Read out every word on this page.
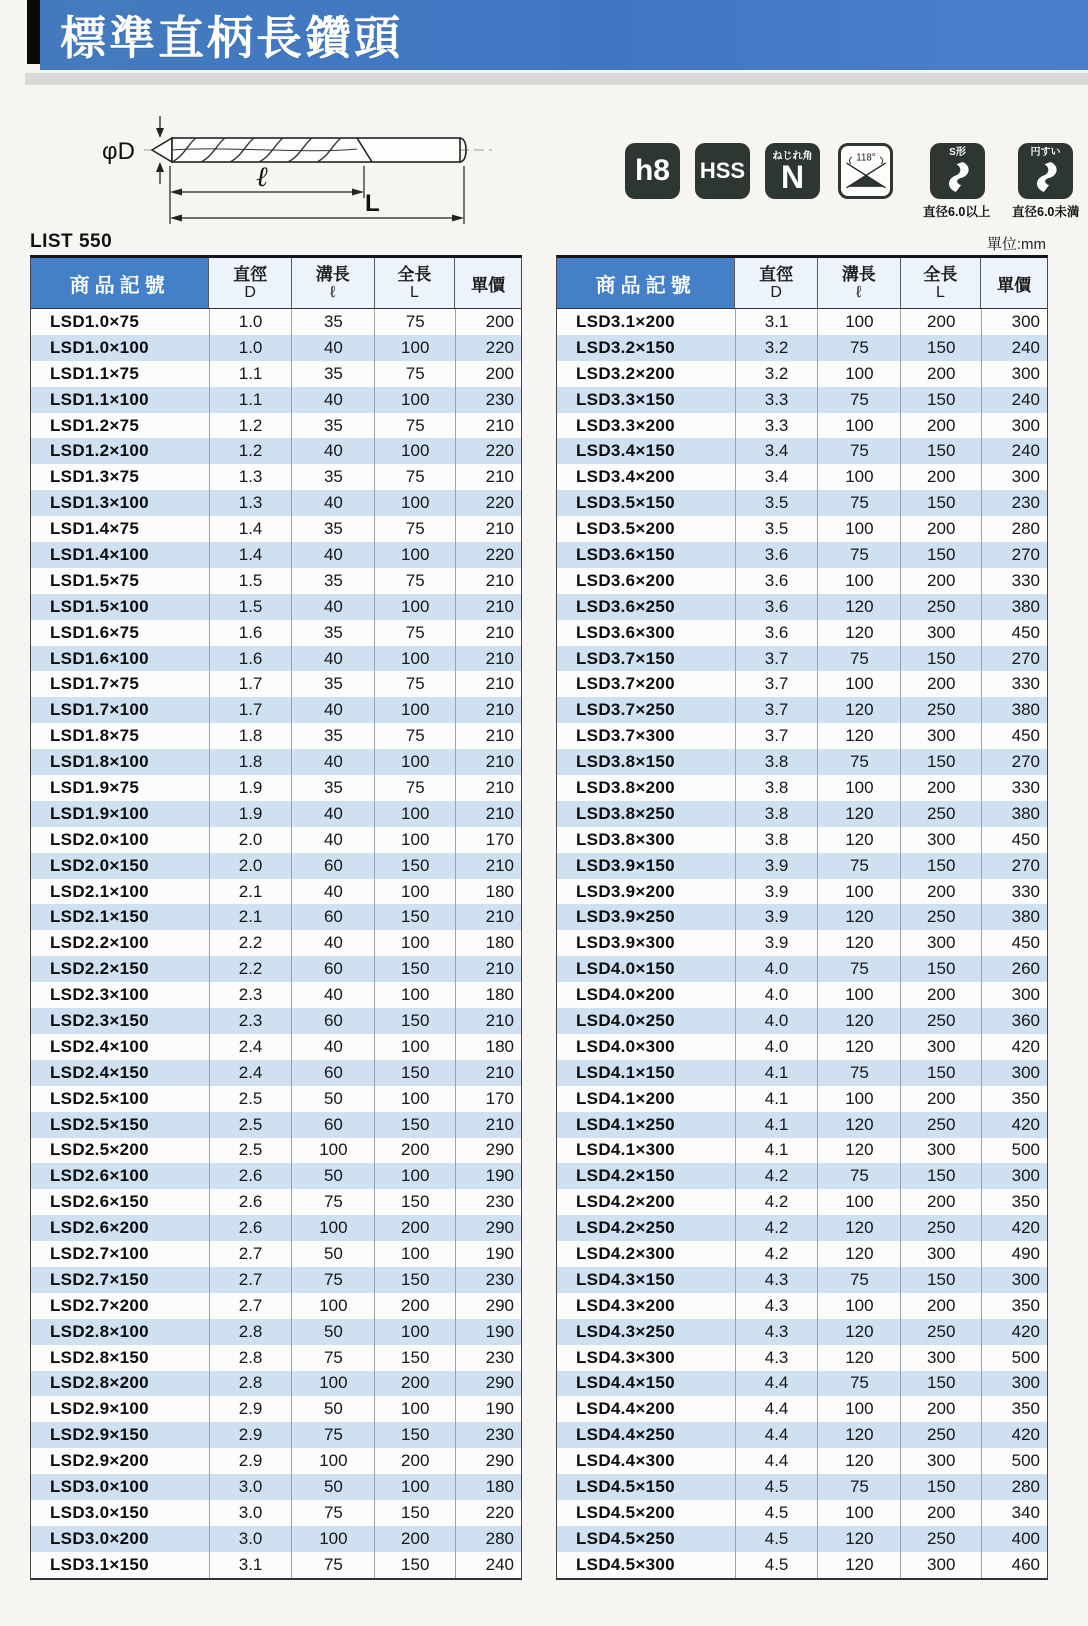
標準直柄長鑽頭
φD
ℓ
L
h8 HSS
ねじれ角
N
118°	S形
直径6.0以上
円すい
直径6.0未満
LIST 550	單位:mm
商品記號	直徑
D
溝長
ℓ
全長
L	單價
LSD1.0×75	1.0	35	75	200
LSD1.0×100	1.0	40	100	220
LSD1.1×75	1.1	35	75	200
LSD1.1×100	1.1	40	100	230
LSD1.2×75	1.2	35	75	210
LSD1.2×100	1.2	40	100	220
LSD1.3×75	1.3	35	75	210
LSD1.3×100	1.3	40	100	220
LSD1.4×75	1.4	35	75	210
LSD1.4×100	1.4	40	100	220
LSD1.5×75	1.5	35	75	210
LSD1.5×100	1.5	40	100	210
LSD1.6×75	1.6	35	75	210
LSD1.6×100	1.6	40	100	210
LSD1.7×75	1.7	35	75	210
LSD1.7×100	1.7	40	100	210
LSD1.8×75	1.8	35	75	210
LSD1.8×100	1.8	40	100	210
LSD1.9×75	1.9	35	75	210
LSD1.9×100	1.9	40	100	210
LSD2.0×100	2.0	40	100	170
LSD2.0×150	2.0	60	150	210
LSD2.1×100	2.1	40	100	180
LSD2.1×150	2.1	60	150	210
LSD2.2×100	2.2	40	100	180
LSD2.2×150	2.2	60	150	210
LSD2.3×100	2.3	40	100	180
LSD2.3×150	2.3	60	150	210
LSD2.4×100	2.4	40	100	180
LSD2.4×150	2.4	60	150	210
LSD2.5×100	2.5	50	100	170
LSD2.5×150	2.5	60	150	210
LSD2.5×200	2.5	100	200	290
LSD2.6×100	2.6	50	100	190
LSD2.6×150	2.6	75	150	230
LSD2.6×200	2.6	100	200	290
LSD2.7×100	2.7	50	100	190
LSD2.7×150	2.7	75	150	230
LSD2.7×200	2.7	100	200	290
LSD2.8×100	2.8	50	100	190
LSD2.8×150	2.8	75	150	230
LSD2.8×200	2.8	100	200	290
LSD2.9×100	2.9	50	100	190
LSD2.9×150	2.9	75	150	230
LSD2.9×200	2.9	100	200	290
LSD3.0×100	3.0	50	100	180
LSD3.0×150	3.0	75	150	220
LSD3.0×200	3.0	100	200	280
LSD3.1×150	3.1	75	150	240
商品記號	直徑
D
溝長
ℓ
全長
L	單價
LSD3.1×200	3.1	100	200	300
LSD3.2×150	3.2	75	150	240
LSD3.2×200	3.2	100	200	300
LSD3.3×150	3.3	75	150	240
LSD3.3×200	3.3	100	200	300
LSD3.4×150	3.4	75	150	240
LSD3.4×200	3.4	100	200	300
LSD3.5×150	3.5	75	150	230
LSD3.5×200	3.5	100	200	280
LSD3.6×150	3.6	75	150	270
LSD3.6×200	3.6	100	200	330
LSD3.6×250	3.6	120	250	380
LSD3.6×300	3.6	120	300	450
LSD3.7×150	3.7	75	150	270
LSD3.7×200	3.7	100	200	330
LSD3.7×250	3.7	120	250	380
LSD3.7×300	3.7	120	300	450
LSD3.8×150	3.8	75	150	270
LSD3.8×200	3.8	100	200	330
LSD3.8×250	3.8	120	250	380
LSD3.8×300	3.8	120	300	450
LSD3.9×150	3.9	75	150	270
LSD3.9×200	3.9	100	200	330
LSD3.9×250	3.9	120	250	380
LSD3.9×300	3.9	120	300	450
LSD4.0×150	4.0	75	150	260
LSD4.0×200	4.0	100	200	300
LSD4.0×250	4.0	120	250	360
LSD4.0×300	4.0	120	300	420
LSD4.1×150	4.1	75	150	300
LSD4.1×200	4.1	100	200	350
LSD4.1×250	4.1	120	250	420
LSD4.1×300	4.1	120	300	500
LSD4.2×150	4.2	75	150	300
LSD4.2×200	4.2	100	200	350
LSD4.2×250	4.2	120	250	420
LSD4.2×300	4.2	120	300	490
LSD4.3×150	4.3	75	150	300
LSD4.3×200	4.3	100	200	350
LSD4.3×250	4.3	120	250	420
LSD4.3×300	4.3	120	300	500
LSD4.4×150	4.4	75	150	300
LSD4.4×200	4.4	100	200	350
LSD4.4×250	4.4	120	250	420
LSD4.4×300	4.4	120	300	500
LSD4.5×150	4.5	75	150	280
LSD4.5×200	4.5	100	200	340
LSD4.5×250	4.5	120	250	400
LSD4.5×300	4.5	120	300	460
